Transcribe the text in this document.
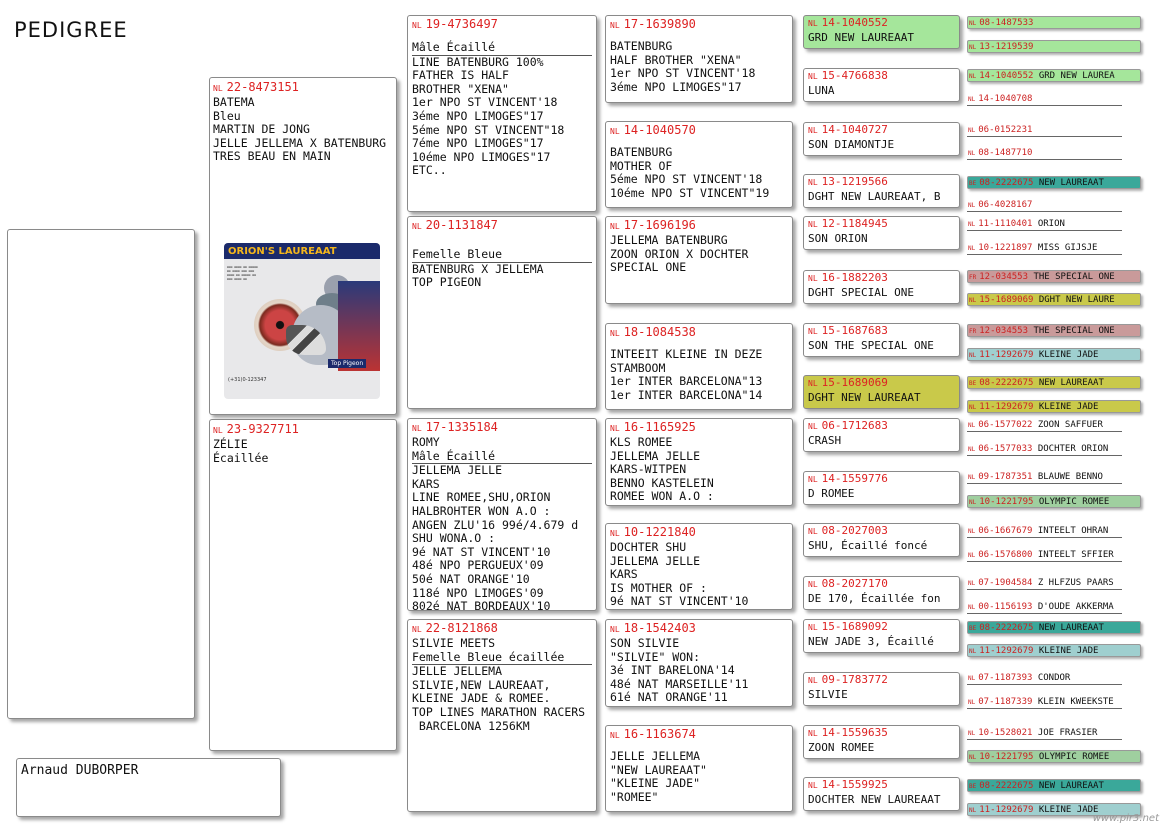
PEDIGREE
Arnaud DUBORPER
NL 22-8473151
BATEMA
Bleu
MARTIN DE JONG
JELLE JELLEMA X BATENBURG
TRES BEAU EN MAIN
ORION'S LAUREAAT
▬▬▬ ▬▬▬▬ ▬▬ ▬▬▬▬▬
▬▬ ▬▬▬▬ ▬▬▬ ▬▬▬
▬▬▬▬ ▬▬ ▬▬▬▬▬ ▬▬
▬▬▬ ▬▬▬▬ ▬▬
Top Pigeon
(+31)0-123347
NL 23-9327711
ZÉLIE
Écaillée
NL 19-4736497
Mâle Écaillé
LINE BATENBURG 100%
FATHER IS HALF
BROTHER "XENA"
1er NPO ST VINCENT'18
3éme NPO LIMOGES"17
5éme NPO ST VINCENT"18
7éme NPO LIMOGES"17
10éme NPO LIMOGES"17
ETC..
NL 20-1131847
Femelle Bleue
BATENBURG X JELLEMA
TOP PIGEON
NL 17-1335184
ROMY
Mâle Écaillé
JELLEMA JELLE
KARS
LINE ROMEE,SHU,ORION
HALBROHTER WON A.O :
ANGEN ZLU'16 99é/4.679 d
SHU WONA.O :
9é NAT ST VINCENT'10
48é NPO PERGUEUX'09
50é NAT ORANGE'10
118é NPO LIMOGES'09
802é NAT BORDEAUX'10
NL 22-8121868
SILVIE MEETS
Femelle Bleue écaillée
JELLE JELLEMA
SILVIE,NEW LAUREAAT,
KLEINE JADE & ROMEE.
TOP LINES MARATHON RACERS
BARCELONA 1256KM
NL 17-1639890
BATENBURG
HALF BROTHER "XENA"
1er NPO ST VINCENT'18
3éme NPO LIMOGES"17
NL 14-1040570
BATENBURG
MOTHER OF
5éme NPO ST VINCENT'18
10éme NPO ST VINCENT"19
NL 17-1696196
JELLEMA BATENBURG
ZOON ORION X DOCHTER
SPECIAL ONE
NL 18-1084538
INTEEIT KLEINE IN DEZE
STAMBOOM
1er INTER BARCELONA"13
1er INTER BARCELONA"14
NL 16-1165925
KLS ROMEE
JELLEMA JELLE
KARS-WITPEN
BENNO KASTELEIN
ROMEE WON A.O :
NL 10-1221840
DOCHTER SHU
JELLEMA JELLE
KARS
IS MOTHER OF :
9é NAT ST VINCENT'10
NL 18-1542403
SON SILVIE
"SILVIE" WON:
3é INT BARELONA'14
48é NAT MARSEILLE'11
61é NAT ORANGE'11
NL 16-1163674
JELLE JELLEMA
"NEW LAUREAAT"
"KLEINE JADE"
"ROMEE"
NL 14-1040552
GRD NEW LAUREAAT
NL 15-4766838
LUNA
NL 14-1040727
SON DIAMONTJE
NL 13-1219566
DGHT NEW LAUREAAT, B
NL 12-1184945
SON ORION
NL 16-1882203
DGHT SPECIAL ONE
NL 15-1687683
SON THE SPECIAL ONE
NL 15-1689069
DGHT NEW LAUREAAT
NL 06-1712683
CRASH
NL 14-1559776
D ROMEE
NL 08-2027003
SHU, Écaillé foncé
NL 08-2027170
DE 170, Écaillée fon
NL 15-1689092
NEW JADE 3, Écaillé
NL 09-1783772
SILVIE
NL 14-1559635
ZOON ROMEE
NL 14-1559925
DOCHTER NEW LAUREAAT
NL 08-1487533
NL 13-1219539
NL 14-1040552 GRD NEW LAUREA
NL 14-1040708
NL 06-0152231
NL 08-1487710
BE 08-2222675 NEW LAUREAAT
NL 06-4028167
NL 11-1110401 ORION
NL 10-1221897 MISS GIJSJE
FR 12-034553 THE SPECIAL ONE
NL 15-1689069 DGHT NEW LAURE
FR 12-034553 THE SPECIAL ONE
NL 11-1292679 KLEINE JADE
BE 08-2222675 NEW LAUREAAT
NL 11-1292679 KLEINE JADE
NL 06-1577022 ZOON SAFFUER
NL 06-1577033 DOCHTER ORION
NL 09-1787351 BLAUWE BENNO
NL 10-1221795 OLYMPIC ROMEE
NL 06-1667679 INTEELT OHRAN
NL 06-1576800 INTEELT SFFIER
NL 07-1904584 Z HLFZUS PAARS
NL 00-1156193 D'OUDE AKKERMA
BE 08-2222675 NEW LAUREAAT
NL 11-1292679 KLEINE JADE
NL 07-1187393 CONDOR
NL 07-1187339 KLEIN KWEEKSTE
NL 10-1528021 JOE FRASIER
NL 10-1221795 OLYMPIC ROMEE
BE 08-2222675 NEW LAUREAAT
NL 11-1292679 KLEINE JADE
www.pir3.net
